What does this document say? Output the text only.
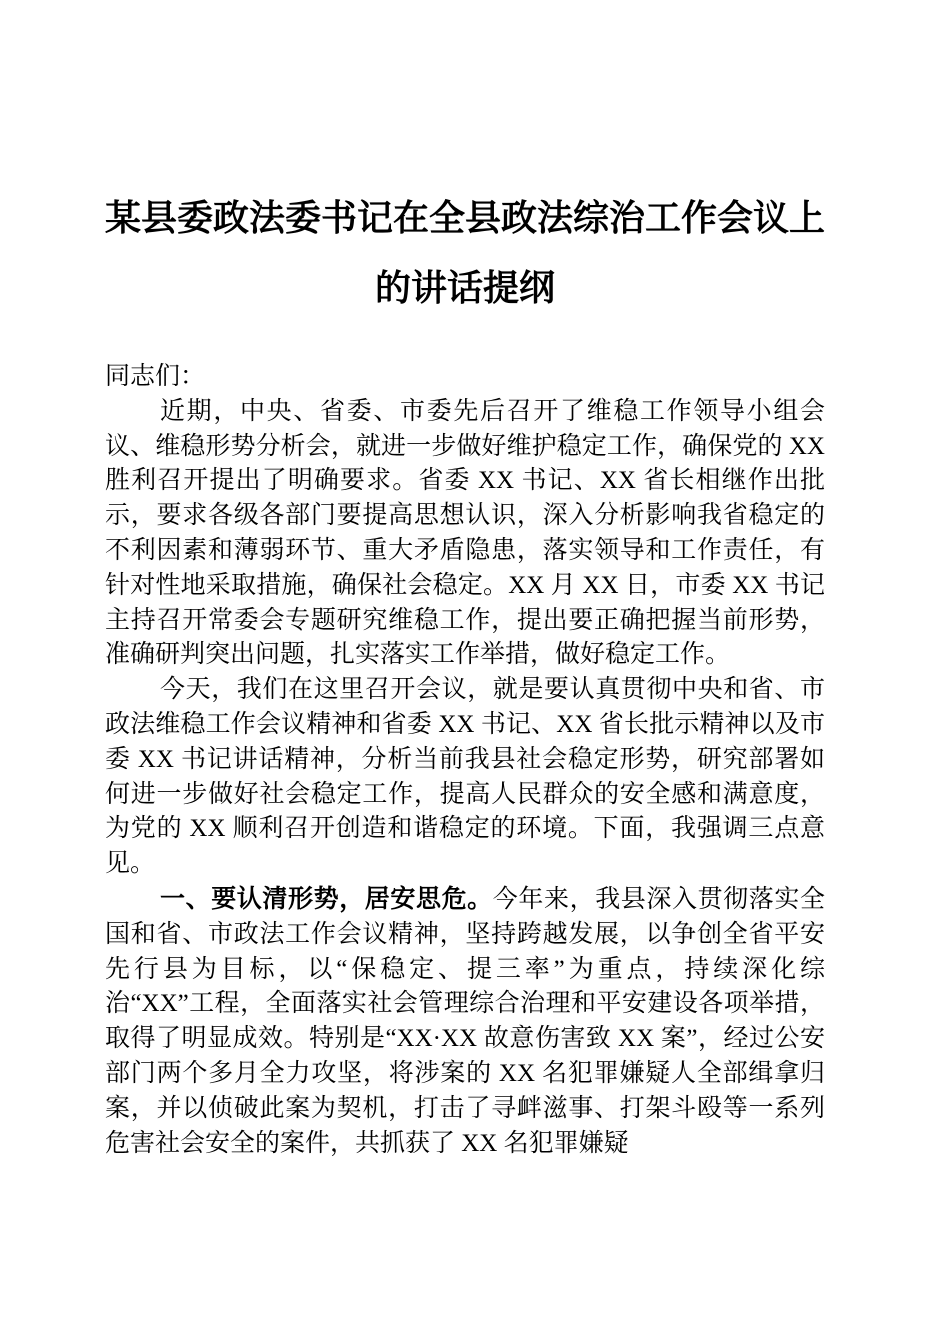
某县委政法委书记在全县政法综治工作会议上的讲话提纲

同志们：

近期，中央、省委、市委先后召开了维稳工作领导小组会议、维稳形势分析会，就进一步做好维护稳定工作，确保党的 XX 胜利召开提出了明确要求。省委 XX 书记、XX 省长相继作出批示，要求各级各部门要提高思想认识，深入分析影响我省稳定的不利因素和薄弱环节、重大矛盾隐患，落实领导和工作责任，有针对性地采取措施，确保社会稳定。XX 月 XX 日，市委 XX 书记主持召开常委会专题研究维稳工作，提出要正确把握当前形势，准确研判突出问题，扎实落实工作举措，做好稳定工作。

今天，我们在这里召开会议，就是要认真贯彻中央和省、市政法维稳工作会议精神和省委 XX 书记、XX 省长批示精神以及市委 XX 书记讲话精神，分析当前我县社会稳定形势，研究部署如何进一步做好社会稳定工作，提高人民群众的安全感和满意度，为党的 XX 顺利召开创造和谐稳定的环境。下面，我强调三点意见。

一、要认清形势，居安思危。今年来，我县深入贯彻落实全国和省、市政法工作会议精神，坚持跨越发展，以争创全省平安先行县为目标，以“保稳定、提三率”为重点，持续深化综治“XX”工程，全面落实社会管理综合治理和平安建设各项举措，取得了明显成效。特别是“XX·XX 故意伤害致 XX 案”，经过公安部门两个多月全力攻坚，将涉案的 XX 名犯罪嫌疑人全部缉拿归案，并以侦破此案为契机，打击了寻衅滋事、打架斗殴等一系列危害社会安全的案件，共抓获了 XX 名犯罪嫌疑
